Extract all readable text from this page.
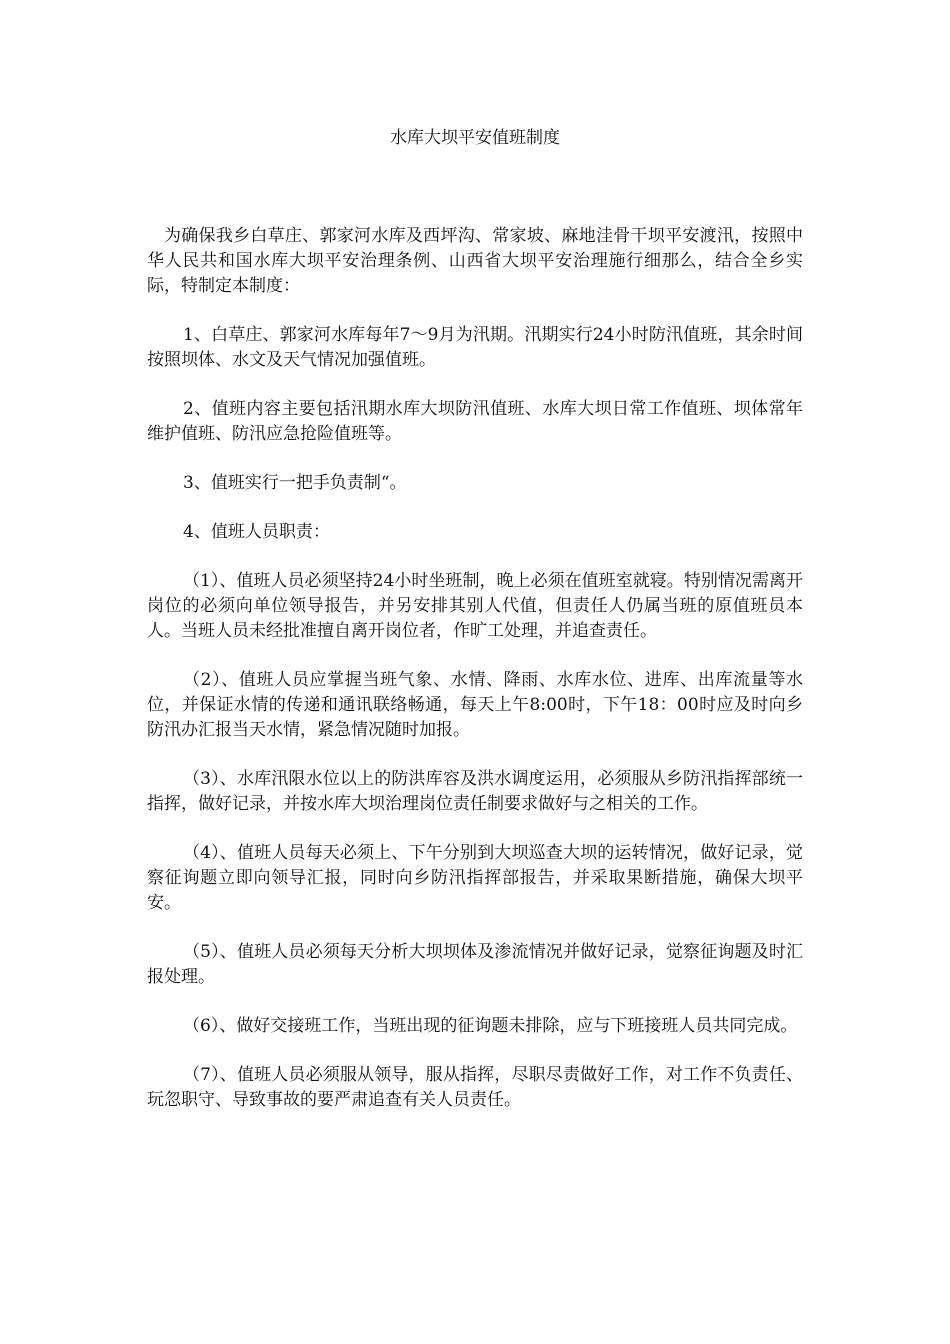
水库大坝平安值班制度

为确保我乡白草庄、郭家河水库及西坪沟、常家坡、麻地洼骨干坝平安渡汛，按照中华人民共和国水库大坝平安治理条例、山西省大坝平安治理施行细那么，结合全乡实际，特制定本制度：

1、白草庄、郭家河水库每年7～9月为汛期。汛期实行24小时防汛值班，其余时间按照坝体、水文及天气情况加强值班。

2、值班内容主要包括汛期水库大坝防汛值班、水库大坝日常工作值班、坝体常年维护值班、防汛应急抢险值班等。

3、值班实行一把手负责制“。

4、值班人员职责：

（1）、值班人员必须坚持24小时坐班制，晚上必须在值班室就寝。特别情况需离开岗位的必须向单位领导报告，并另安排其别人代值，但责任人仍属当班的原值班员本人。当班人员未经批准擅自离开岗位者，作旷工处理，并追查责任。

（2）、值班人员应掌握当班气象、水情、降雨、水库水位、进库、出库流量等水位，并保证水情的传递和通讯联络畅通，每天上午8:00时，下午18：00时应及时向乡防汛办汇报当天水情，紧急情况随时加报。

（3）、水库汛限水位以上的防洪库容及洪水调度运用，必须服从乡防汛指挥部统一指挥，做好记录，并按水库大坝治理岗位责任制要求做好与之相关的工作。

（4）、值班人员每天必须上、下午分别到大坝巡查大坝的运转情况，做好记录，觉察征询题立即向领导汇报，同时向乡防汛指挥部报告，并采取果断措施，确保大坝平安。

（5）、值班人员必须每天分析大坝坝体及渗流情况并做好记录，觉察征询题及时汇报处理。

（6）、做好交接班工作，当班出现的征询题未排除，应与下班接班人员共同完成。

（7）、值班人员必须服从领导，服从指挥，尽职尽责做好工作，对工作不负责任、玩忽职守、导致事故的要严肃追查有关人员责任。
